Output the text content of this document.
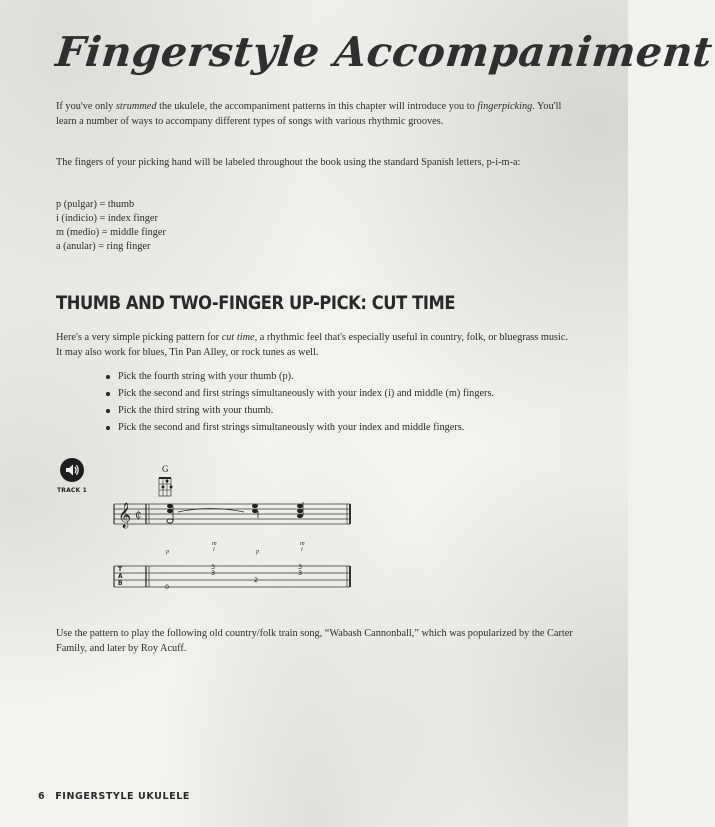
Fingerstyle Accompaniment
If you've only strummed the ukulele, the accompaniment patterns in this chapter will introduce you to fingerpicking. You'll learn a number of ways to accompany different types of songs with various rhythmic grooves.
The fingers of your picking hand will be labeled throughout the book using the standard Spanish letters, p-i-m-a:
p (pulgar) = thumb
i (indicio) = index finger
m (medio) = middle finger
a (anular) = ring finger
THUMB AND TWO-FINGER UP-PICK: CUT TIME
Here's a very simple picking pattern for cut time, a rhythmic feel that's especially useful in country, folk, or bluegrass music. It may also work for blues, Tin Pan Alley, or rock tunes as well.
Pick the fourth string with your thumb (p).
Pick the second and first strings simultaneously with your index (i) and middle (m) fingers.
Pick the third string with your thumb.
Pick the second and first strings simultaneously with your index and middle fingers.
TRACK 1
G
𝄞 ₵
p
m
i	p
m
i
T
A
B	0
3
3
2
3
3
Use the pattern to play the following old country/folk train song, “Wabash Cannonball,” which was popularized by the Carter Family, and later by Roy Acuff.
6 FINGERSTYLE UKULELE
